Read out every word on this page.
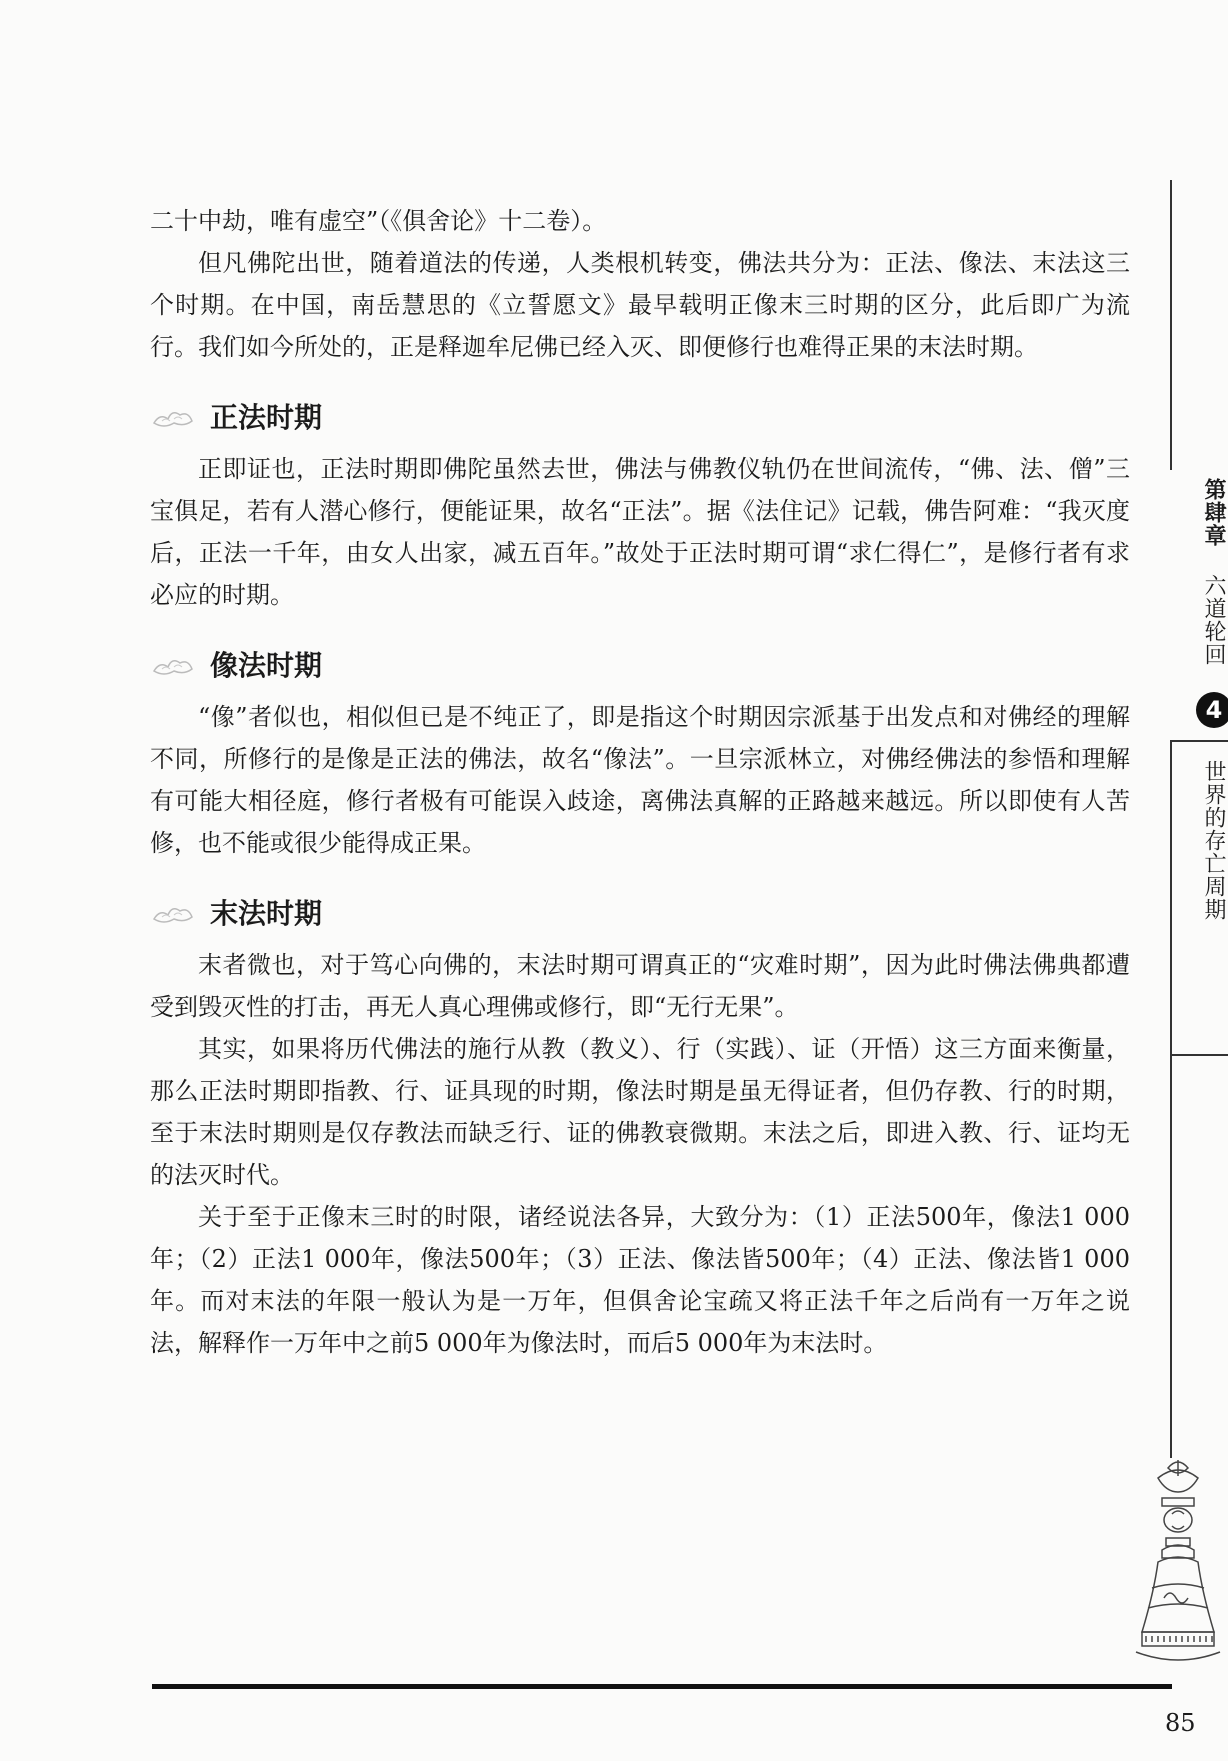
二十中劫，唯有虚空”（《俱舍论》十二卷）。

但凡佛陀出世，随着道法的传递，人类根机转变，佛法共分为：正法、像法、末法这三个时期。在中国，南岳慧思的《立誓愿文》最早载明正像末三时期的区分，此后即广为流行。我们如今所处的，正是释迦牟尼佛已经入灭、即便修行也难得正果的末法时期。

正法时期

正即证也，正法时期即佛陀虽然去世，佛法与佛教仪轨仍在世间流传，“佛、法、僧”三宝俱足，若有人潜心修行，便能证果，故名“正法”。据《法住记》记载，佛告阿难：“我灭度后，正法一千年，由女人出家，减五百年。”故处于正法时期可谓“求仁得仁”，是修行者有求必应的时期。

像法时期

“像”者似也，相似但已是不纯正了，即是指这个时期因宗派基于出发点和对佛经的理解不同，所修行的是像是正法的佛法，故名“像法”。一旦宗派林立，对佛经佛法的参悟和理解有可能大相径庭，修行者极有可能误入歧途，离佛法真解的正路越来越远。所以即使有人苦修，也不能或很少能得成正果。

末法时期

末者微也，对于笃心向佛的，末法时期可谓真正的“灾难时期”，因为此时佛法佛典都遭受到毁灭性的打击，再无人真心理佛或修行，即“无行无果”。

其实，如果将历代佛法的施行从教（教义）、行（实践）、证（开悟）这三方面来衡量，那么正法时期即指教、行、证具现的时期，像法时期是虽无得证者，但仍存教、行的时期，至于末法时期则是仅存教法而缺乏行、证的佛教衰微期。末法之后，即进入教、行、证均无的法灭时代。

关于至于正像末三时的时限，诸经说法各异，大致分为：（1）正法500年，像法1 000年；（2）正法1 000年，像法500年；（3）正法、像法皆500年；（4）正法、像法皆1 000年。而对末法的年限一般认为是一万年，但俱舍论宝疏又将正法千年之后尚有一万年之说法，解释作一万年中之前5 000年为像法时，而后5 000年为末法时。

第肆章
六道轮回
4
世界的存亡周期
85
